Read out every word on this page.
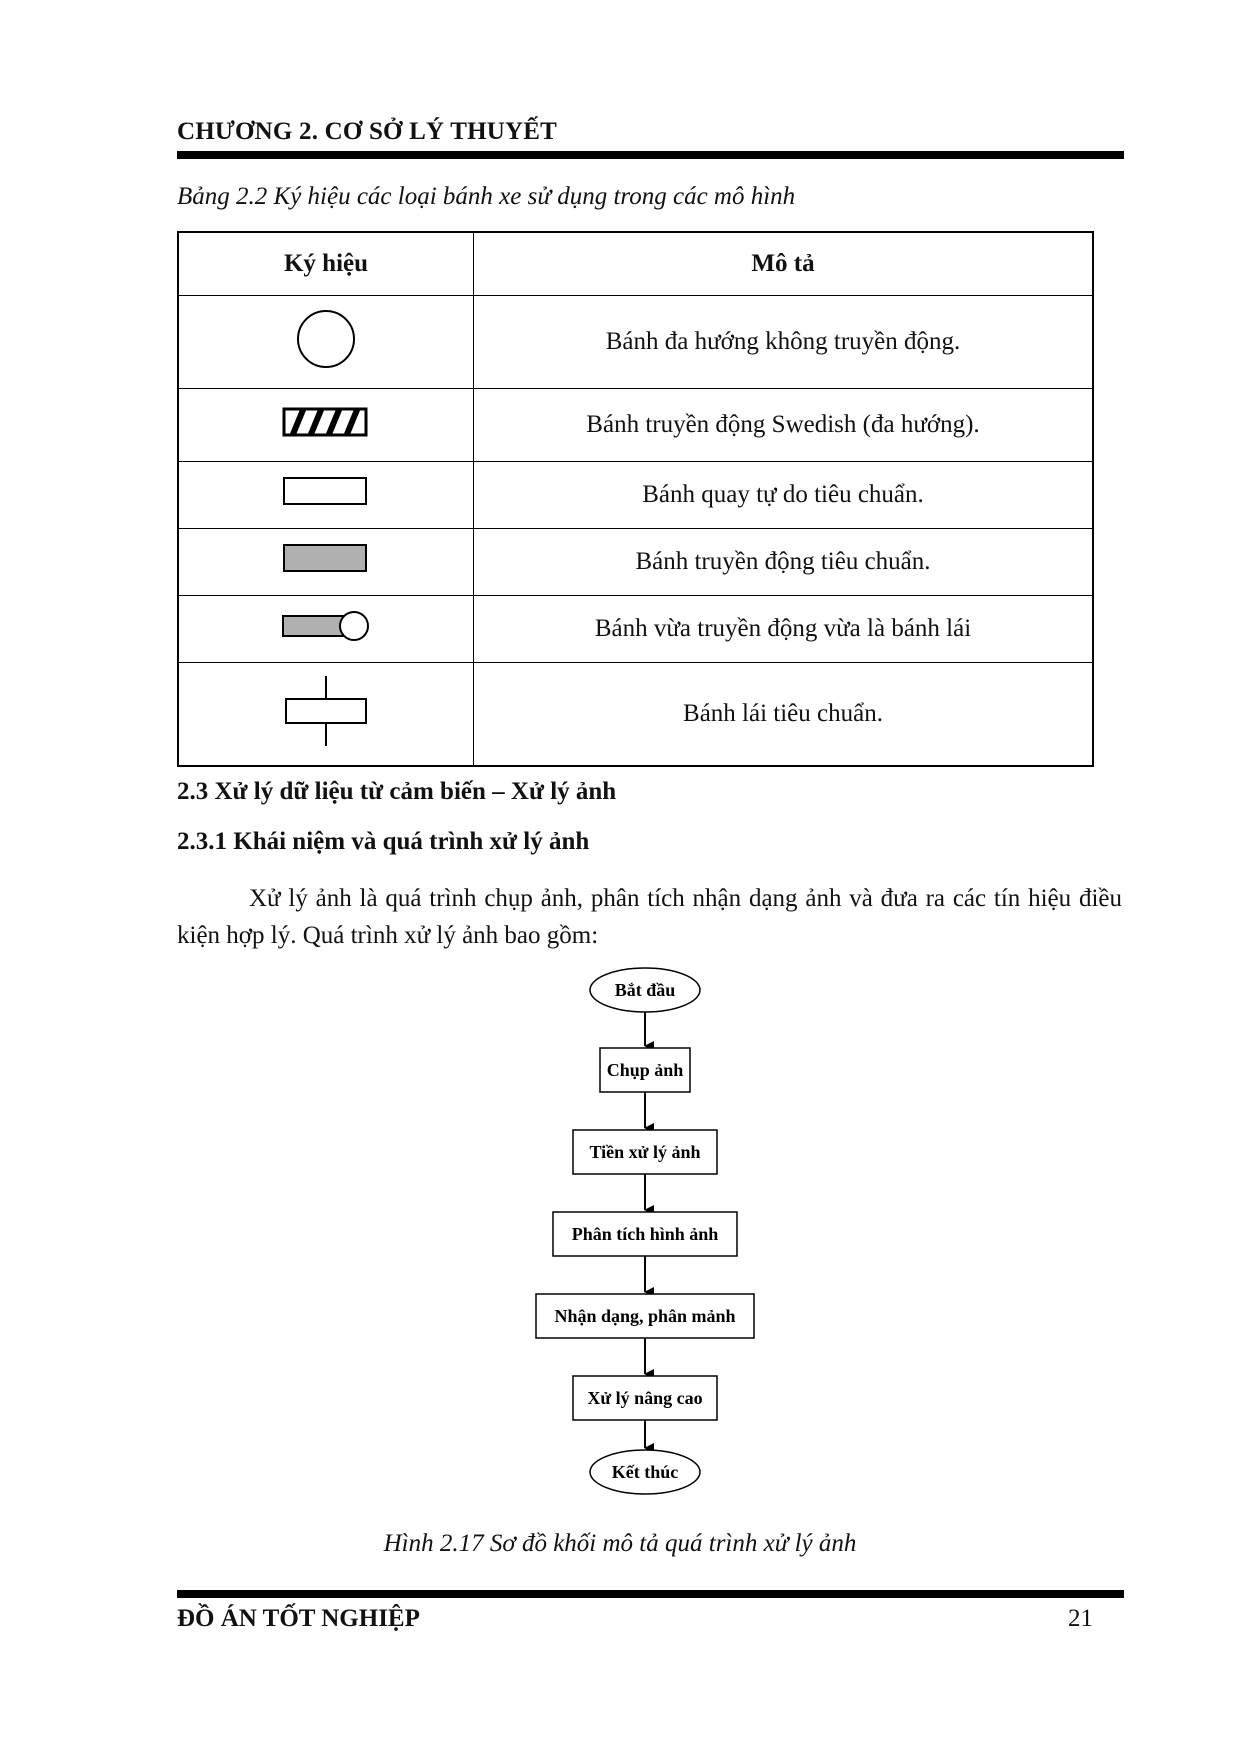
CHƯƠNG 2. CƠ SỞ LÝ THUYẾT
Bảng 2.2 Ký hiệu các loại bánh xe sử dụng trong các mô hình
Ký hiệu	Mô tả
	Bánh đa hướng không truyền động.
	Bánh truyền động Swedish (đa hướng).
	Bánh quay tự do tiêu chuẩn.
	Bánh truyền động tiêu chuẩn.
	Bánh vừa truyền động vừa là bánh lái
	Bánh lái tiêu chuẩn.
2.3 Xử lý dữ liệu từ cảm biến – Xử lý ảnh
2.3.1 Khái niệm và quá trình xử lý ảnh
Xử lý ảnh là quá trình chụp ảnh, phân tích nhận dạng ảnh và đưa ra các tín hiệu điều kiện hợp lý. Quá trình xử lý ảnh bao gồm:
Bắt đầu
Chụp ảnh
Tiền xử lý ảnh
Phân tích hình ảnh
Nhận dạng, phân mảnh
Xử lý nâng cao
Kết thúc
Hình 2.17 Sơ đồ khối mô tả quá trình xử lý ảnh
ĐỒ ÁN TỐT NGHIỆP	21
